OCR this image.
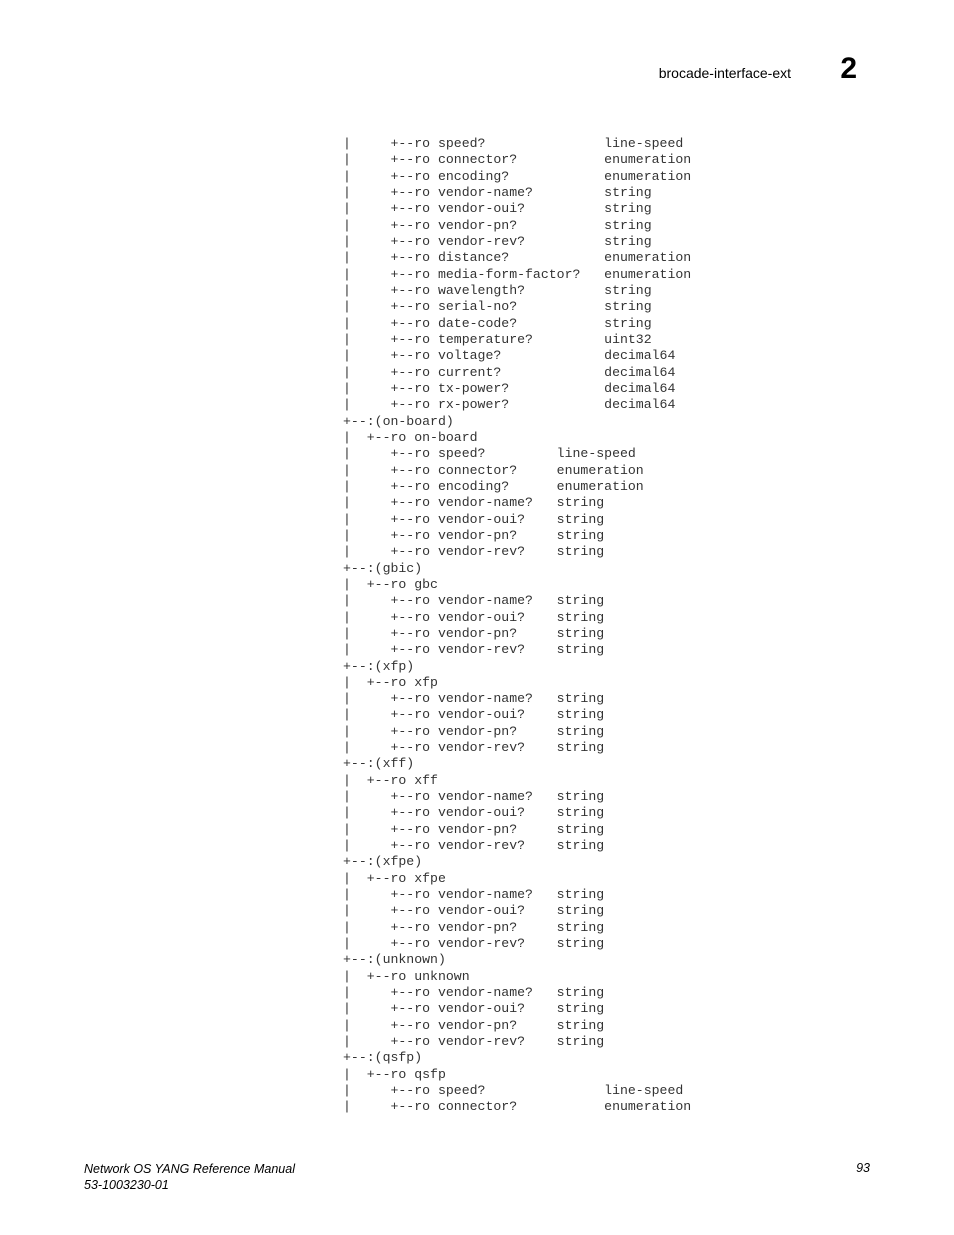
brocade-interface-ext 2
|     +--ro speed?               line-speed
|     +--ro connector?           enumeration
|     +--ro encoding?            enumeration
|     +--ro vendor-name?         string
|     +--ro vendor-oui?          string
|     +--ro vendor-pn?           string
|     +--ro vendor-rev?          string
|     +--ro distance?            enumeration
|     +--ro media-form-factor?   enumeration
|     +--ro wavelength?          string
|     +--ro serial-no?           string
|     +--ro date-code?           string
|     +--ro temperature?         uint32
|     +--ro voltage?             decimal64
|     +--ro current?             decimal64
|     +--ro tx-power?            decimal64
|     +--ro rx-power?            decimal64
+--:(on-board)
|  +--ro on-board
|     +--ro speed?         line-speed
|     +--ro connector?     enumeration
|     +--ro encoding?      enumeration
|     +--ro vendor-name?   string
|     +--ro vendor-oui?    string
|     +--ro vendor-pn?     string
|     +--ro vendor-rev?    string
+--:(gbic)
|  +--ro gbc
|     +--ro vendor-name?   string
|     +--ro vendor-oui?    string
|     +--ro vendor-pn?     string
|     +--ro vendor-rev?    string
+--:(xfp)
|  +--ro xfp
|     +--ro vendor-name?   string
|     +--ro vendor-oui?    string
|     +--ro vendor-pn?     string
|     +--ro vendor-rev?    string
+--:(xff)
|  +--ro xff
|     +--ro vendor-name?   string
|     +--ro vendor-oui?    string
|     +--ro vendor-pn?     string
|     +--ro vendor-rev?    string
+--:(xfpe)
|  +--ro xfpe
|     +--ro vendor-name?   string
|     +--ro vendor-oui?    string
|     +--ro vendor-pn?     string
|     +--ro vendor-rev?    string
+--:(unknown)
|  +--ro unknown
|     +--ro vendor-name?   string
|     +--ro vendor-oui?    string
|     +--ro vendor-pn?     string
|     +--ro vendor-rev?    string
+--:(qsfp)
|  +--ro qsfp
|     +--ro speed?               line-speed
|     +--ro connector?           enumeration
Network OS YANG Reference Manual
53-1003230-01
93
